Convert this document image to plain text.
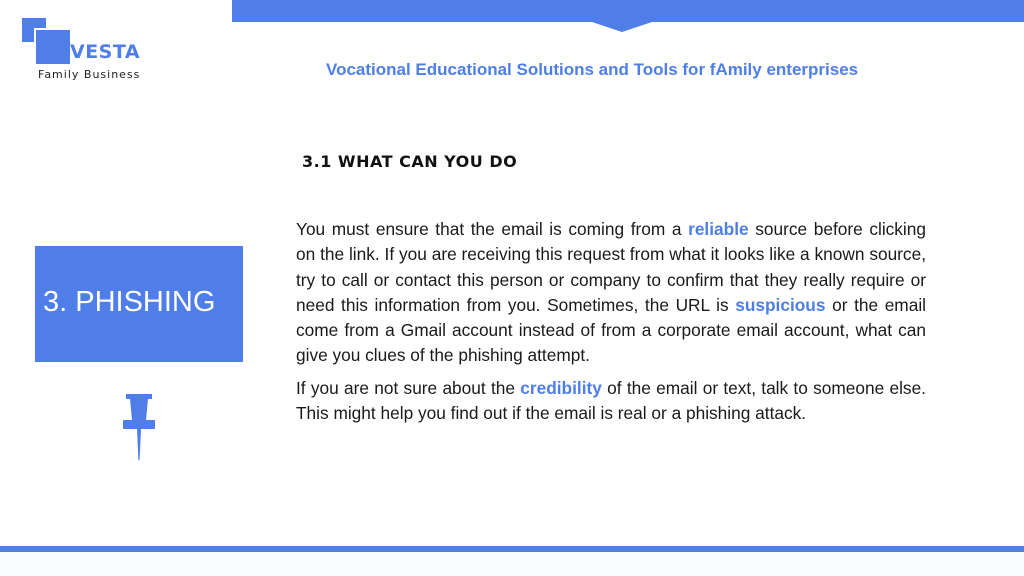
VESTA
Family Business	Vocational Educational Solutions and Tools for fAmily enterprises
3.1 WHAT CAN YOU DO
3. PHISHING

You must ensure that the email is coming from a reliable source before clicking on the link. If you are receiving this request from what it looks like a known source, try to call or contact this person or company to confirm that they really require or need this information from you. Sometimes, the URL is suspicious or the email come from a Gmail account instead of from a corporate email account, what can give you clues of the phishing attempt.

If you are not sure about the credibility of the email or text, talk to someone else. This might help you find out if the email is real or a phishing attack.
